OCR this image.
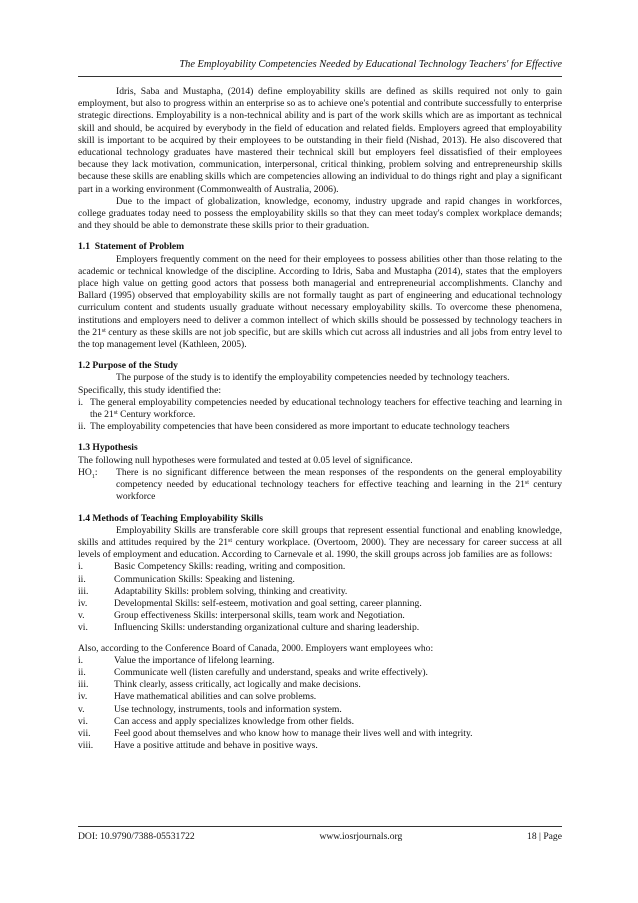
The Employability Competencies Needed by Educational Technology Teachers' for Effective

Idris, Saba and Mustapha, (2014) define employability skills are defined as skills required not only to gain employment, but also to progress within an enterprise so as to achieve one's potential and contribute successfully to enterprise strategic directions. Employability is a non-technical ability and is part of the work skills which are as important as technical skill and should, be acquired by everybody in the field of education and related fields. Employers agreed that employability skill is important to be acquired by their employees to be outstanding in their field (Nishad, 2013). He also discovered that educational technology graduates have mastered their technical skill but employers feel dissatisfied of their employees because they lack motivation, communication, interpersonal, critical thinking, problem solving and entrepreneurship skills because these skills are enabling skills which are competencies allowing an individual to do things right and play a significant part in a working environment (Commonwealth of Australia, 2006).

Due to the impact of globalization, knowledge, economy, industry upgrade and rapid changes in workforces, college graduates today need to possess the employability skills so that they can meet today's complex workplace demands; and they should be able to demonstrate these skills prior to their graduation.

1.1 Statement of Problem

Employers frequently comment on the need for their employees to possess abilities other than those relating to the academic or technical knowledge of the discipline. According to Idris, Saba and Mustapha (2014), states that the employers place high value on getting good actors that possess both managerial and entrepreneurial accomplishments. Clanchy and Ballard (1995) observed that employability skills are not formally taught as part of engineering and educational technology curriculum content and students usually graduate without necessary employability skills. To overcome these phenomena, institutions and employers need to deliver a common intellect of which skills should be possessed by technology teachers in the 21st century as these skills are not job specific, but are skills which cut across all industries and all jobs from entry level to the top management level (Kathleen, 2005).

1.2 Purpose of the Study

The purpose of the study is to identify the employability competencies needed by technology teachers.

Specifically, this study identified the:

i. The general employability competencies needed by educational technology teachers for effective teaching and learning in the 21st Century workforce.
ii. The employability competencies that have been considered as more important to educate technology teachers
1.3 Hypothesis

The following null hypotheses were formulated and tested at 0.05 level of significance.

$HO_1$:	There is no significant difference between the mean responses of the respondents on the general employability competency needed by educational technology teachers for effective teaching and learning in the 21st century workforce
1.4 Methods of Teaching Employability Skills

Employability Skills are transferable core skill groups that represent essential functional and enabling knowledge, skills and attitudes required by the 21st century workplace. (Overtoom, 2000). They are necessary for career success at all levels of employment and education. According to Carnevale et al. 1990, the skill groups across job families are as follows:

i.	Basic Competency Skills: reading, writing and composition.
ii.	Communication Skills: Speaking and listening.
iii.	Adaptability Skills: problem solving, thinking and creativity.
iv.	Developmental Skills: self-esteem, motivation and goal setting, career planning.
v.	Group effectiveness Skills: interpersonal skills, team work and Negotiation.
vi.	Influencing Skills: understanding organizational culture and sharing leadership.

Also, according to the Conference Board of Canada, 2000. Employers want employees who:

i.	Value the importance of lifelong learning.
ii.	Communicate well (listen carefully and understand, speaks and write effectively).
iii.	Think clearly, assess critically, act logically and make decisions.
iv.	Have mathematical abilities and can solve problems.
v.	Use technology, instruments, tools and information system.
vi.	Can access and apply specializes knowledge from other fields.
vii.	Feel good about themselves and who know how to manage their lives well and with integrity.
viii.	Have a positive attitude and behave in positive ways.
DOI: 10.9790/7388-05531722	www.iosrjournals.org	18 | Page
